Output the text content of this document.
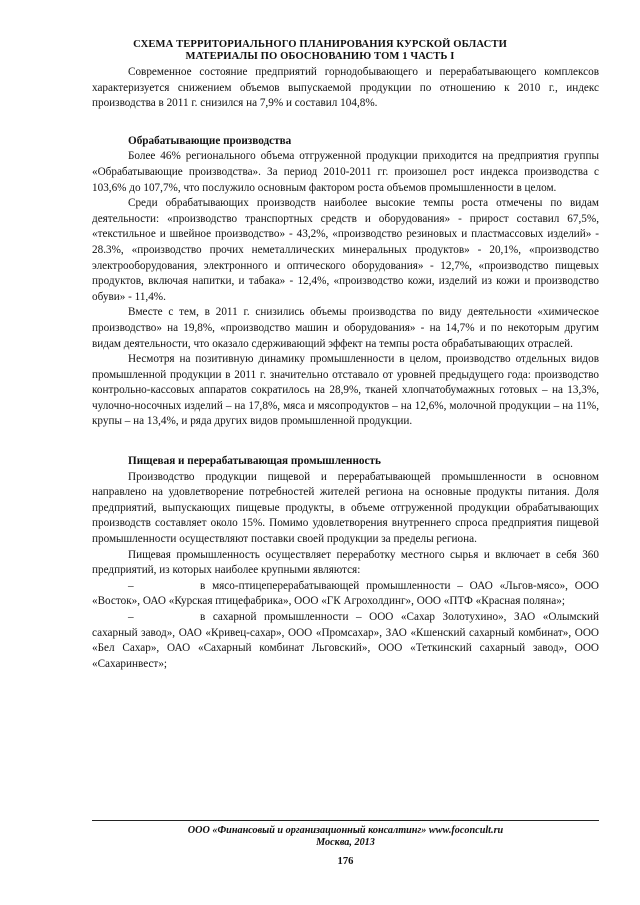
СХЕМА ТЕРРИТОРИАЛЬНОГО ПЛАНИРОВАНИЯ КУРСКОЙ ОБЛАСТИ
МАТЕРИАЛЫ ПО ОБОСНОВАНИЮ ТОМ 1 ЧАСТЬ I

Современное состояние предприятий горнодобывающего и перерабатывающего комплексов характеризуется снижением объемов выпускаемой продукции по отношению к 2010 г., индекс производства в 2011 г. снизился на 7,9% и составил 104,8%.

Обрабатывающие производства

Более 46% регионального объема отгруженной продукции приходится на предприятия группы «Обрабатывающие производства». За период 2010-2011 гг. произошел рост индекса производства с 103,6% до 107,7%, что послужило основным фактором роста объемов промышленности в целом.

Среди обрабатывающих производств наиболее высокие темпы роста отмечены по видам деятельности: «производство транспортных средств и оборудования» - прирост составил 67,5%, «текстильное и швейное производство» - 43,2%, «производство резиновых и пластмассовых изделий» - 28.3%, «производство прочих неметаллических минеральных продуктов» - 20,1%, «производство электрооборудования, электронного и оптического оборудования» - 12,7%, «производство пищевых продуктов, включая напитки, и табака» - 12,4%, «производство кожи, изделий из кожи и производство обуви» - 11,4%.

Вместе с тем, в 2011 г. снизились объемы производства по виду деятельности «химическое производство» на 19,8%, «производство машин и оборудования» - на 14,7% и по некоторым другим видам деятельности, что оказало сдерживающий эффект на темпы роста обрабатывающих отраслей.

Несмотря на позитивную динамику промышленности в целом, производство отдельных видов промышленной продукции в 2011 г. значительно отставало от уровней предыдущего года: производство контрольно-кассовых аппаратов сократилось на 28,9%, тканей хлопчатобумажных готовых – на 13,3%, чулочно-носочных изделий – на 17,8%, мяса и мясопродуктов – на 12,6%, молочной продукции – на 11%, крупы – на 13,4%, и ряда других видов промышленной продукции.

Пищевая и перерабатывающая промышленность

Производство продукции пищевой и перерабатывающей промышленности в основном направлено на удовлетворение потребностей жителей региона на основные продукты питания. Доля предприятий, выпускающих пищевые продукты, в объеме отгруженной продукции обрабатывающих производств составляет около 15%. Помимо удовлетворения внутреннего спроса предприятия пищевой промышленности осуществляют поставки своей продукции за пределы региона.

Пищевая промышленность осуществляет переработку местного сырья и включает в себя 360 предприятий, из которых наиболее крупными являются:

–	в мясо-птицеперерабатывающей промышленности – ОАО «Льгов-мясо», ООО «Восток», ОАО «Курская птицефабрика», ООО «ГК Агрохолдинг», ООО «ПТФ «Красная поляна»;

–	в сахарной промышленности – ООО «Сахар Золотухино», ЗАО «Олымский сахарный завод», ОАО «Кривец-сахар», ООО «Промсахар», ЗАО «Кшенский сахарный комбинат», ООО «Бел Сахар», ОАО «Сахарный комбинат Льговский», ООО «Теткинский сахарный завод», ООО «Сахаринвест»;

ООО «Финансовый и организационный консалтинг» www.foconcult.ru
Москва, 2013
176
